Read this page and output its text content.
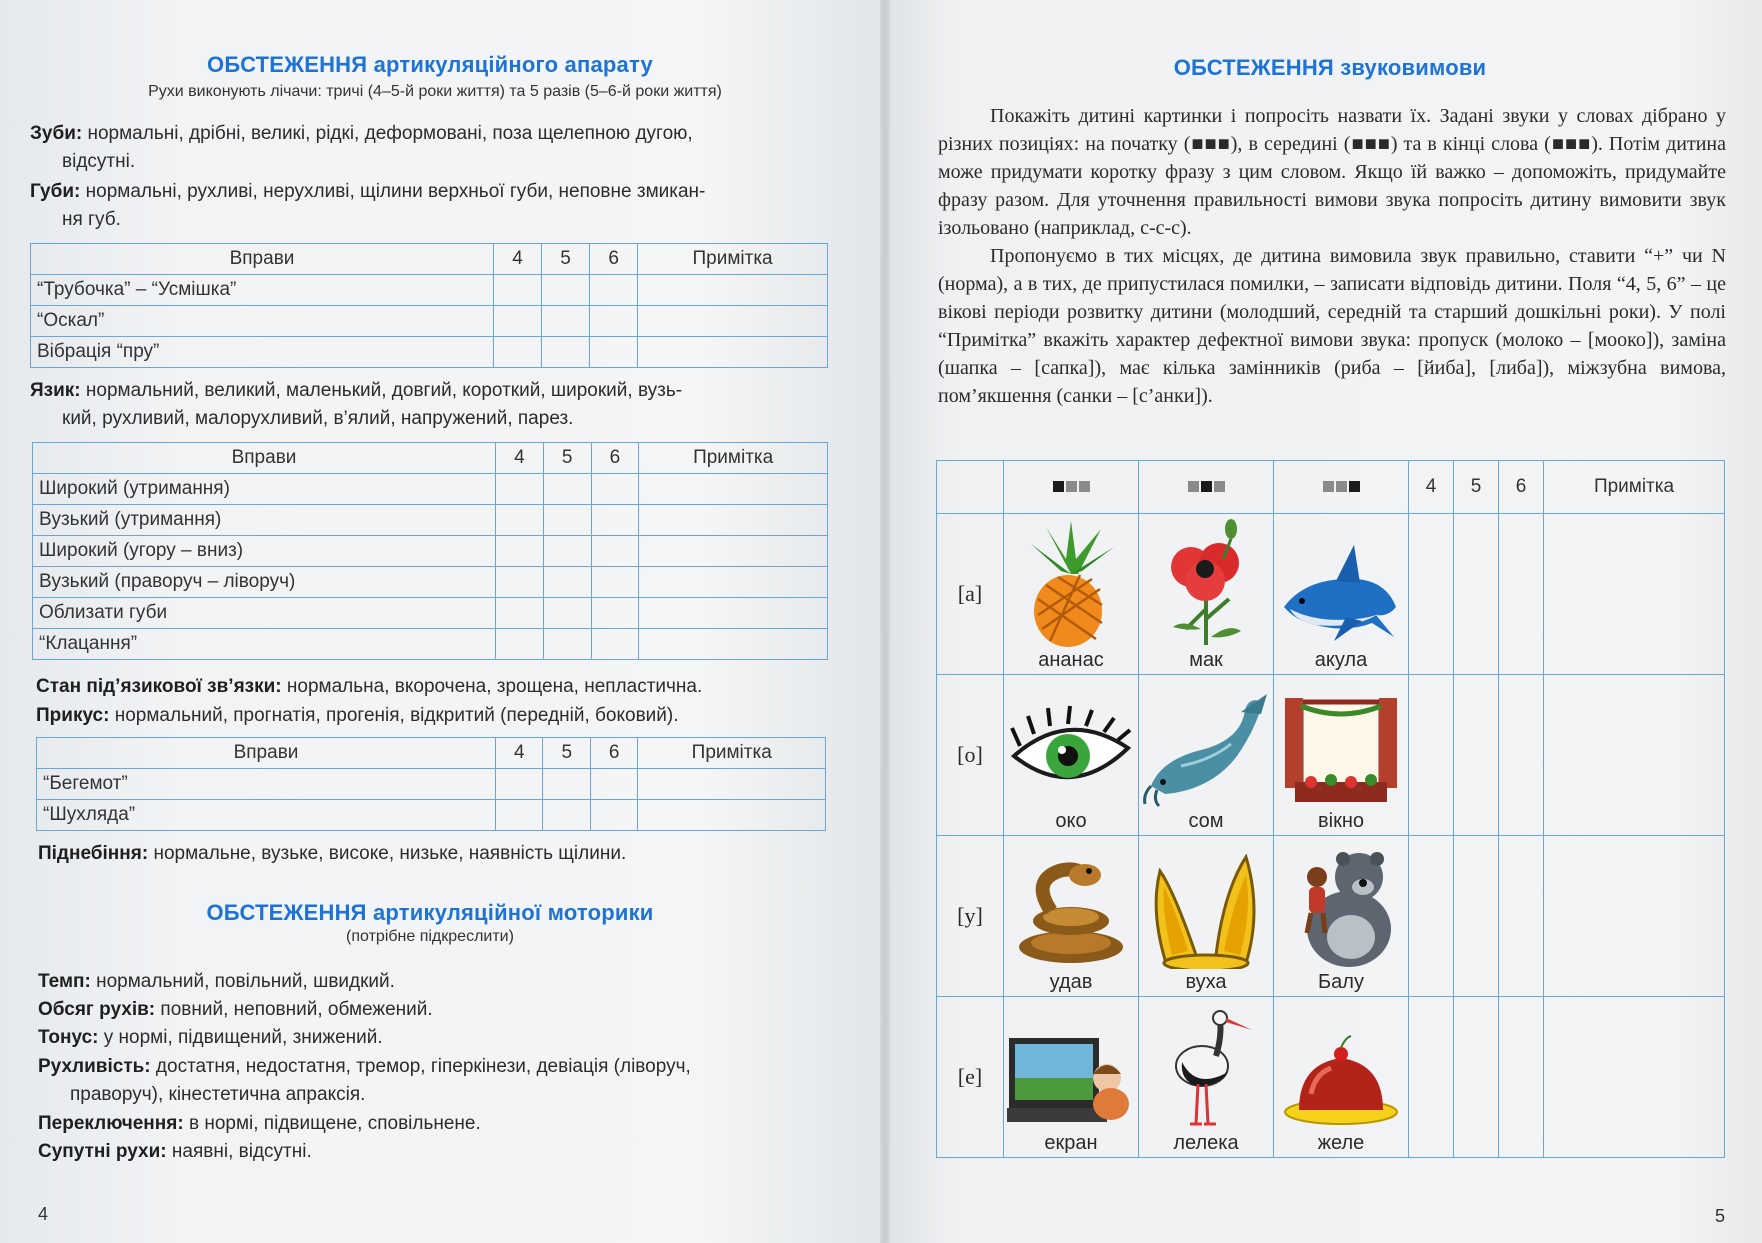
ОБСТЕЖЕННЯ артикуляційного апарату
Рухи виконують лічачи: тричі (4–5-й роки життя) та 5 разів (5–6-й роки життя)
Зуби: нормальні, дрібні, великі, рідкі, деформовані, поза щелепною дугою,
відсутні.
Губи: нормальні, рухливі, нерухливі, щілини верхньої губи, неповне змикан-
ня губ.
Вправи	4	5	6	Примітка
“Трубочка” – “Усмішка”				
“Оскал”				
Вібрація “пру”				
Язик: нормальний, великий, маленький, довгий, короткий, широкий, вузь-
кий, рухливий, малорухливий, в’ялий, напружений, парез.
Вправи	4	5	6	Примітка
Широкий (утримання)				
Вузький (утримання)				
Широкий (угору – вниз)				
Вузький (праворуч – ліворуч)				
Облизати губи				
“Клацання”				
Стан під’язикової зв’язки: нормальна, вкорочена, зрощена, непластична.
Прикус: нормальний, прогнатія, прогенія, відкритий (передній, боковий).
Вправи	4	5	6	Примітка
“Бегемот”				
“Шухляда”				
Піднебіння: нормальне, вузьке, високе, низьке, наявність щілини.
ОБСТЕЖЕННЯ артикуляційної моторики
(потрібне підкреслити)
Темп: нормальний, повільний, швидкий.
Обсяг рухів: повний, неповний, обмежений.
Тонус: у нормі, підвищений, знижений.
Рухливість: достатня, недостатня, тремор, гіперкінези, девіація (ліворуч,
праворуч), кінестетична апраксія.
Переключення: в нормі, підвищене, сповільнене.
Супутні рухи: наявні, відсутні.
4
ОБСТЕЖЕННЯ звуковимови
Покажіть дитині картинки і попросіть назвати їх. Задані звуки у словах дібрано у різних позиціях: на початку (■■■), в середині (■■■) та в кінці слова (■■■). Потім дитина може придумати коротку фразу з цим словом. Якщо їй важко – допоможіть, придумайте фразу разом. Для уточнення правильності вимови звука попросіть дитину вимовити звук ізольовано (наприклад, с-с-с).
Пропонуємо в тих місцях, де дитина вимовила звук правильно, ставити “+” чи N (норма), а в тих, де припустилася помилки, – записати відповідь дитини. Поля “4, 5, 6” – це вікові періоди розвитку дитини (молодший, середній та старший дошкільні роки). У полі “Примітка” вкажіть характер дефектної вимови звука: пропуск (молоко – [мооко]), заміна (шапка – [сапка]), має кілька замінників (риба – [йиба], [либа]), міжзубна вимова, пом’якшення (санки – [с’анки]).
				4	5	6	Примітка
[а]	ананас	мак	акула				

[о]	око	сом	вікно				

[у]	удав	вуха	Балу				

[е]	екран	лелека	желе				

5
